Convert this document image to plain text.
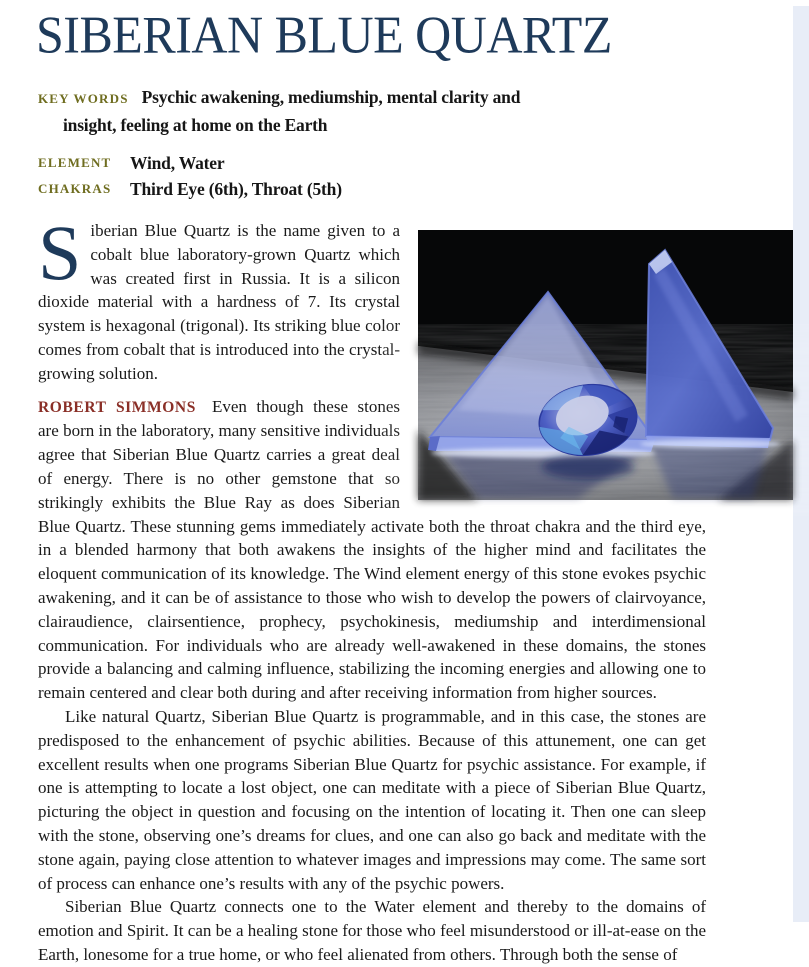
SIBERIAN BLUE QUARTZ

KEY WORDS Psychic awakening, mediumship, mental clarity and insight, feeling at home on the Earth

ELEMENT	Wind, Water

CHAKRAS	Third Eye (6th), Throat (5th)

Siberian Blue Quartz is the name given to a cobalt blue laboratory-grown Quartz which was created first in Russia. It is a silicon dioxide material with a hardness of 7. Its crystal system is hexagonal (trigonal). Its striking blue color comes from cobalt that is introduced into the crystal-growing solution.

ROBERT SIMMONS Even though these stones are born in the laboratory, many sensitive individuals agree that Siberian Blue Quartz carries a great deal of energy. There is no other gemstone that so strikingly exhibits the Blue Ray as does Siberian Blue Quartz. These stunning gems immediately activate both the throat chakra and the third eye, in a blended harmony that both awakens the insights of the higher mind and facilitates the eloquent communication of its knowledge. The Wind element energy of this stone evokes psychic awakening, and it can be of assistance to those who wish to develop the powers of clairvoyance, clairaudience, clairsentience, prophecy, psychokinesis, mediumship and interdimensional communication. For individuals who are already well-awakened in these domains, the stones provide a balancing and calming influence, stabilizing the incoming energies and allowing one to remain centered and clear both during and after receiving information from higher sources.

Like natural Quartz, Siberian Blue Quartz is programmable, and in this case, the stones are predisposed to the enhancement of psychic abilities. Because of this attunement, one can get excellent results when one programs Siberian Blue Quartz for psychic assistance. For example, if one is attempting to locate a lost object, one can meditate with a piece of Siberian Blue Quartz, picturing the object in question and focusing on the intention of locating it. Then one can sleep with the stone, observing one’s dreams for clues, and one can also go back and meditate with the stone again, paying close attention to whatever images and impressions may come. The same sort of process can enhance one’s results with any of the psychic powers.

Siberian Blue Quartz connects one to the Water element and thereby to the domains of emotion and Spirit. It can be a healing stone for those who feel misunderstood or ill-at-ease on the Earth, lonesome for a true home, or who feel alienated from others. Through both the sense of
